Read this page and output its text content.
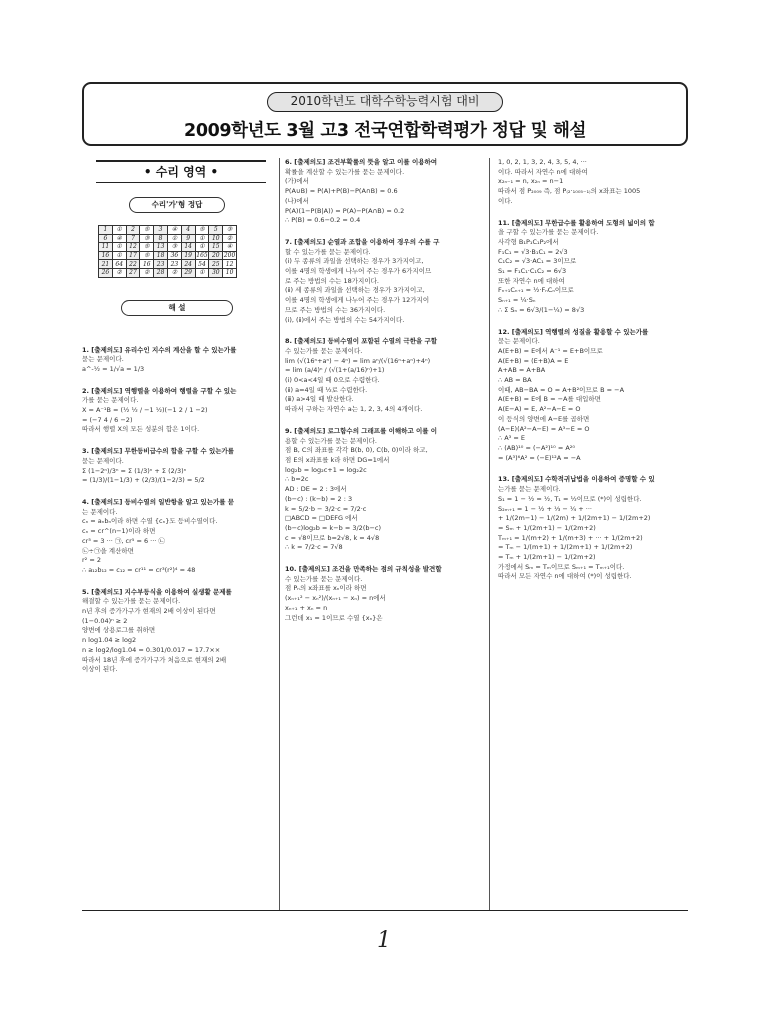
2010학년도 대학수학능력시험 대비
2009학년도 3월 고3 전국연합학력평가 정답 및 해설
• 수리 영역 •
수리'가'형 정답
1	①	2	⑤	3	④	4	⑤	5	③
6	④	7	③	8	①	9	①	10	②
11	①	12	⑤	13	③	14	①	15	④
16	①	17	⑤	18	36	19	165	20	200
21	64	22	16	23	23	24	54	25	12
26	②	27	②	28	②	29	①	30	10
해 설
1. [출제의도] 유리수인 지수의 계산을 할 수 있는가를
묻는 문제이다.
a^-½ = 1/√a = 1/3
2. [출제의도] 역행렬을 이용하여 행렬을 구할 수 있는
가를 묻는 문제이다.
X = A⁻¹B = (½ ½ / −1 ½)(−1 2 / 1 −2)
= (−7 4 / 6 −2)
따라서 행렬 X의 모든 성분의 합은 1이다.
3. [출제의도] 무한등비급수의 합을 구할 수 있는가를
묻는 문제이다.
Σ (1−2ⁿ)/3ⁿ = Σ (1/3)ⁿ + Σ (2/3)ⁿ
= (1/3)/(1−1/3) + (2/3)/(1−2/3) = 5/2
4. [출제의도] 등비수열의 일반항을 알고 있는가를 묻
는 문제이다.
cₙ = aₙbₙ이라 하면 수열 {cₙ}도 등비수열이다.
cₙ = cr^(n−1)이라 하면
cr³ = 3 ··· ㉠, cr⁵ = 6 ··· ㉡
㉡÷㉠을 계산하면
r² = 2
∴ a₁₂b₁₂ = c₁₂ = cr¹¹ = cr³(r²)⁴ = 48
5. [출제의도] 지수부등식을 이용하여 실생활 문제를
해결할 수 있는가를 묻는 문제이다.
n년 후의 증가가구가 현재의 2배 이상이 된다면
(1−0.04)ⁿ ≥ 2
양변에 상용로그를 취하면
n log1.04 ≥ log2
n ≥ log2/log1.04 = 0.301/0.017 = 17.7××
따라서 18년 후에 증가가구가 처음으로 현재의 2배
이상이 된다.
6. [출제의도] 조건부확률의 뜻을 알고 이를 이용하여
확률을 계산할 수 있는가를 묻는 문제이다.
(가)에서
P(A∪B) = P(A)+P(B)−P(A∩B) = 0.6
(나)에서
P(A)(1−P(B|A)) = P(A)−P(A∩B) = 0.2
∴ P(B) = 0.6−0.2 = 0.4
7. [출제의도] 순열과 조합을 이용하여 경우의 수를 구
할 수 있는가를 묻는 문제이다.
(ⅰ) 두 종류의 과일을 선택하는 경우가 3가지이고,
이를 4명의 학생에게 나누어 주는 경우가 6가지이므
로 주는 방법의 수는 18가지이다.
(ⅱ) 세 종류의 과일을 선택하는 경우가 3가지이고,
이를 4명의 학생에게 나누어 주는 경우가 12가지이
므로 주는 방법의 수는 36가지이다.
(ⅰ), (ⅱ)에서 주는 방법의 수는 54가지이다.
8. [출제의도] 등비수열이 포함된 수열의 극한을 구할
수 있는가를 묻는 문제이다.
lim (√(16ⁿ+aⁿ) − 4ⁿ) = lim aⁿ/(√(16ⁿ+aⁿ)+4ⁿ)
= lim (a/4)ⁿ / (√(1+(a/16)ⁿ)+1)
(ⅰ) 0<a<4일 때 0으로 수렴한다.
(ⅱ) a=4일 때 ½로 수렴한다.
(ⅲ) a>4일 때 발산한다.
따라서 구하는 자연수 a는 1, 2, 3, 4의 4개이다.
9. [출제의도] 로그함수의 그래프를 이해하고 이를 이
용할 수 있는가를 묻는 문제이다.
점 B, C의 좌표를 각각 B(b, 0), C(b, 0)이라 하고,
점 E의 x좌표를 k라 하면 DG=1에서
log₂b = log₂c+1 = log₂2c
∴ b=2c
AD : DE = 2 : 3에서
(b−c) : (k−b) = 2 : 3
k = 5/2·b − 3/2·c = 7/2·c
□ABCD = □DEFG 에서
(b−c)log₂b = k−b = 3/2(b−c)
c = √8이므로 b=2√8, k = 4√8
∴ k = 7/2·c = 7√8
10. [출제의도] 조건을 만족하는 점의 규칙성을 발견할
수 있는가를 묻는 문제이다.
점 Pₙ의 x좌표를 xₙ이라 하면
(xₙ₊₁² − xₙ²)/(xₙ₊₁ − xₙ) = n에서
xₙ₊₁ + xₙ = n
그런데 x₁ = 1이므로 수열 {xₙ}은
1, 0, 2, 1, 3, 2, 4, 3, 5, 4, ···
이다. 따라서 자연수 n에 대하여
x₂ₙ₋₁ = n, x₂ₙ = n−1
따라서 점 P₂₀₀₉ 즉, 점 P₍₂·₁₀₀₅₋₁₎의 x좌표는 1005
이다.
11. [출제의도] 무한급수를 활용하여 도형의 넓이의 합
을 구할 수 있는가를 묻는 문제이다.
사각형 B₁P₁C₁P₂에서
F₁C₁ = √3·B₁C₁ = 2√3
C₁C₂ = √3·AC₁ = 3이므로
S₁ = F₁C₁·C₁C₂ = 6√3
또한 자연수 n에 대하여
Fₙ₊₁Cₙ₊₁ = ½·FₙCₙ이므로
Sₙ₊₁ = ¼·Sₙ
∴ Σ Sₙ = 6√3/(1−¼) = 8√3
12. [출제의도] 역행렬의 성질을 활용할 수 있는가를
묻는 문제이다.
A(E+B) = E에서 A⁻¹ = E+B이므로
A(E+B) = (E+B)A = E
A+AB = A+BA
∴ AB = BA
이때, AB−BA = O = A+B²이므로 B = −A
A(E+B) = E에 B = −A를 대입하면
A(E−A) = E, A²−A−E = O
이 등식의 양변에 A−E를 곱하면
(A−E)(A²−A−E) = A³−E = O
∴ A³ = E
∴ (AB)¹⁰ = (−A²)¹⁰ = A²⁰
= (A³)⁶A² = (−E)¹²A = −A
13. [출제의도] 수학적귀납법을 이용하여 증명할 수 있
는가를 묻는 문제이다.
S₁ = 1 − ½ = ½, T₁ = ½이므로 (*)이 성립한다.
S₂ₘ₊₁ = 1 − ½ + ⅓ − ¼ + ···
+ 1/(2m−1) − 1/(2m) + 1/(2m+1) − 1/(2m+2)
= Sₘ + 1/(2m+1) − 1/(2m+2)
Tₘ₊₁ = 1/(m+2) + 1/(m+3) + ··· + 1/(2m+2)
= Tₘ − 1/(m+1) + 1/(2m+1) + 1/(2m+2)
= Tₘ + 1/(2m+1) − 1/(2m+2)
가정에서 Sₘ = Tₘ이므로 Sₘ₊₁ = Tₘ₊₁이다.
따라서 모든 자연수 n에 대하여 (*)이 성립한다.
1
